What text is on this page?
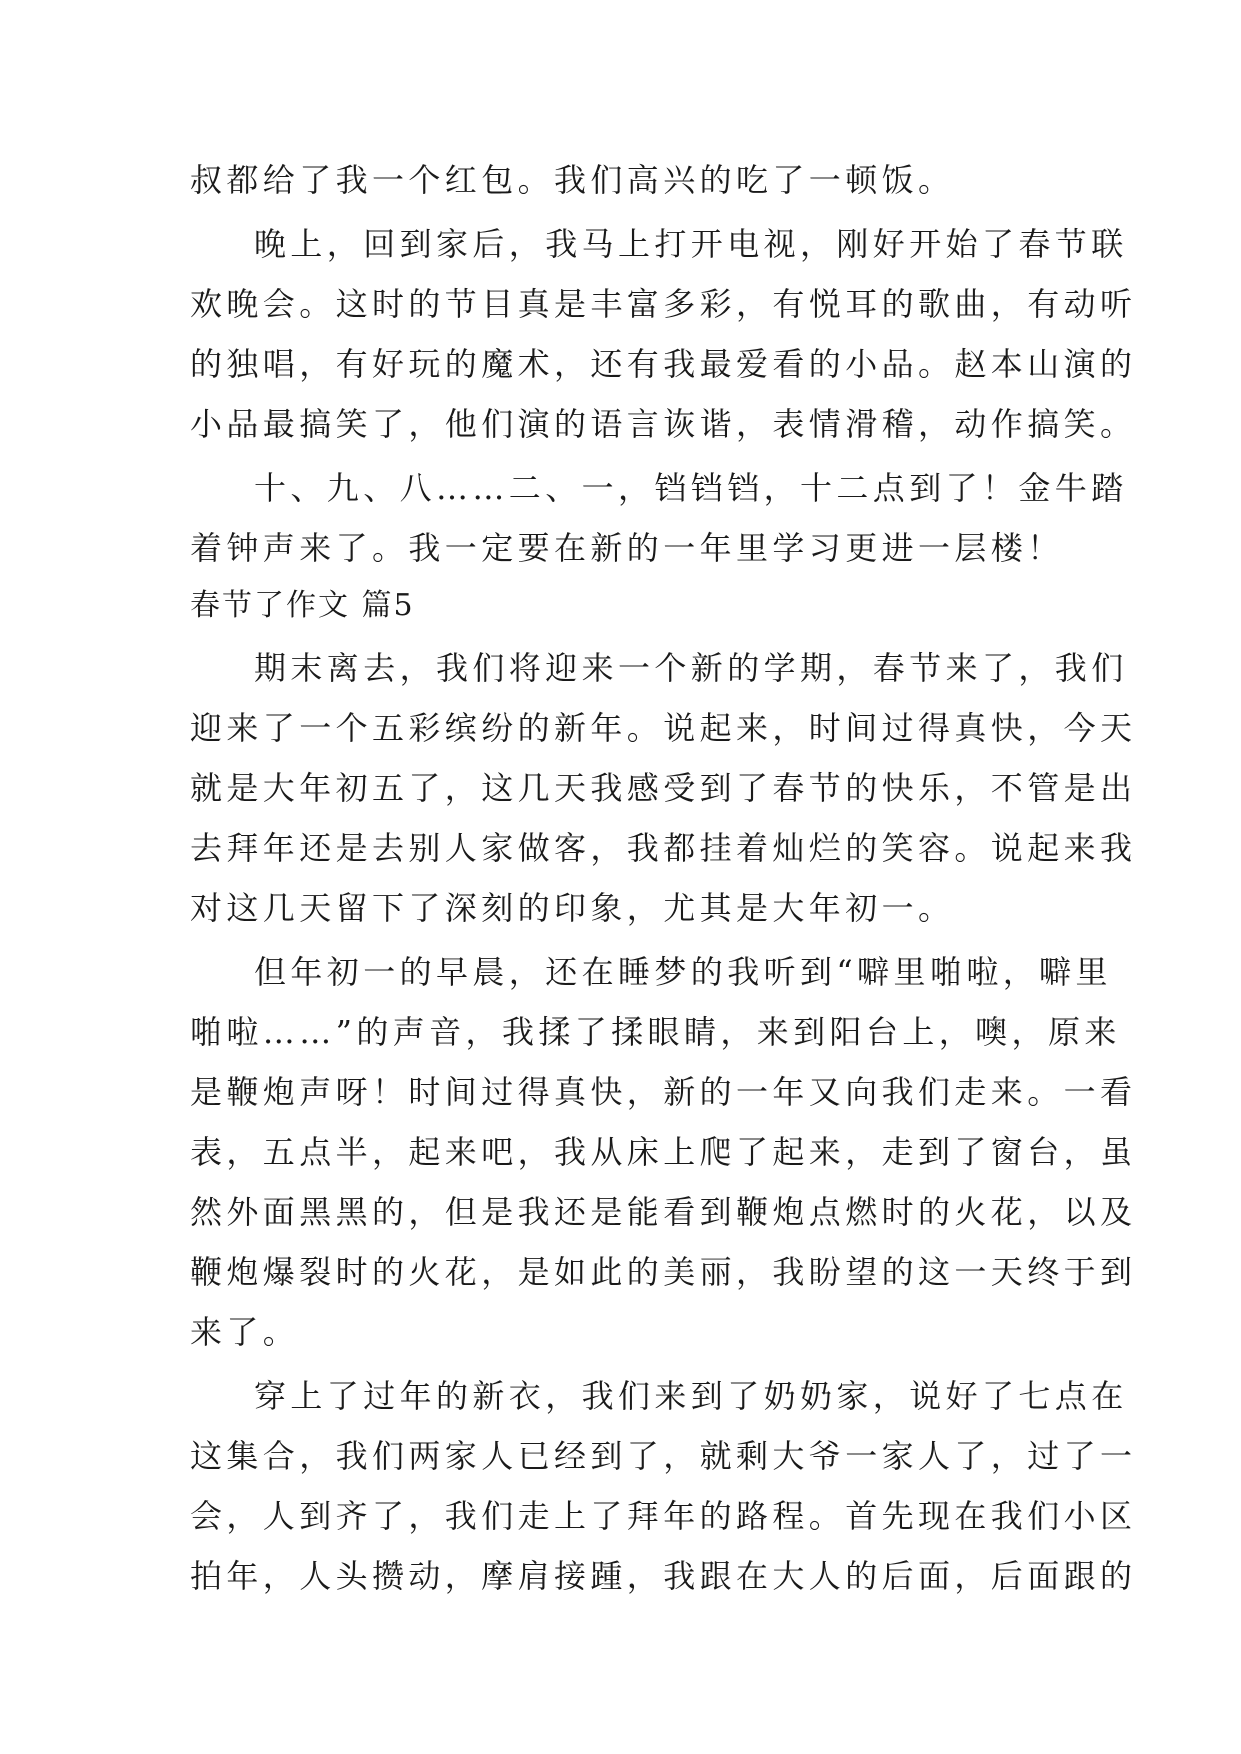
叔都给了我一个红包。我们高兴的吃了一顿饭。
晚上，回到家后，我马上打开电视，刚好开始了春节联
欢晚会。这时的节目真是丰富多彩，有悦耳的歌曲，有动听
的独唱，有好玩的魔术，还有我最爱看的小品。赵本山演的
小品最搞笑了，他们演的语言诙谐，表情滑稽，动作搞笑。
十、九、八……二、一，铛铛铛，十二点到了！金牛踏
着钟声来了。我一定要在新的一年里学习更进一层楼！
春节了作文 篇5
期末离去，我们将迎来一个新的学期，春节来了，我们
迎来了一个五彩缤纷的新年。说起来，时间过得真快，今天
就是大年初五了，这几天我感受到了春节的快乐，不管是出
去拜年还是去别人家做客，我都挂着灿烂的笑容。说起来我
对这几天留下了深刻的印象，尤其是大年初一。
但年初一的早晨，还在睡梦的我听到“噼里啪啦，噼里
啪啦……”的声音，我揉了揉眼睛，来到阳台上，噢，原来
是鞭炮声呀！时间过得真快，新的一年又向我们走来。一看
表，五点半，起来吧，我从床上爬了起来，走到了窗台，虽
然外面黑黑的，但是我还是能看到鞭炮点燃时的火花，以及
鞭炮爆裂时的火花，是如此的美丽，我盼望的这一天终于到
来了。
穿上了过年的新衣，我们来到了奶奶家，说好了七点在
这集合，我们两家人已经到了，就剩大爷一家人了，过了一
会，人到齐了，我们走上了拜年的路程。首先现在我们小区
拍年，人头攒动，摩肩接踵，我跟在大人的后面，后面跟的
